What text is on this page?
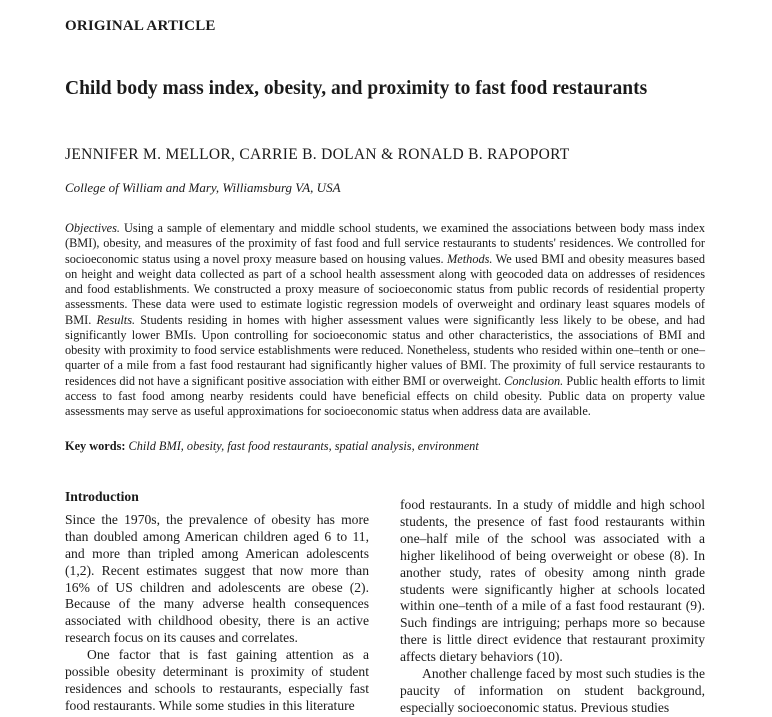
ORIGINAL ARTICLE
Child body mass index, obesity, and proximity to fast food restaurants
JENNIFER M. MELLOR, CARRIE B. DOLAN & RONALD B. RAPOPORT
College of William and Mary, Williamsburg VA, USA

Objectives. Using a sample of elementary and middle school students, we examined the associations between body mass index (BMI), obesity, and measures of the proximity of fast food and full service restaurants to students' residences. We controlled for socioeconomic status using a novel proxy measure based on housing values. Methods. We used BMI and obesity measures based on height and weight data collected as part of a school health assessment along with geocoded data on addresses of residences and food establishments. We constructed a proxy measure of socioeconomic status from public records of residential property assessments. These data were used to estimate logistic regression models of overweight and ordinary least squares models of BMI. Results. Students residing in homes with higher assessment values were significantly less likely to be obese, and had significantly lower BMIs. Upon controlling for socioeconomic status and other characteristics, the associations of BMI and obesity with proximity to food service establishments were reduced. Nonetheless, students who resided within one–tenth or one–quarter of a mile from a fast food restaurant had significantly higher values of BMI. The proximity of full service restaurants to residences did not have a significant positive association with either BMI or overweight. Conclusion. Public health efforts to limit access to fast food among nearby residents could have beneficial effects on child obesity. Public data on property value assessments may serve as useful approximations for socioeconomic status when address data are available.

Key words: Child BMI, obesity, fast food restaurants, spatial analysis, environment
Introduction

Since the 1970s, the prevalence of obesity has more than doubled among American children aged 6 to 11, and more than tripled among American adolescents (1,2). Recent estimates suggest that now more than 16% of US children and adolescents are obese (2). Because of the many adverse health consequences associated with childhood obesity, there is an active research focus on its causes and correlates.

One factor that is fast gaining attention as a possible obesity determinant is proximity of student residences and schools to restaurants, especially fast food restaurants. While some studies in this literature

food restaurants. In a study of middle and high school students, the presence of fast food restaurants within one–half mile of the school was associated with a higher likelihood of being overweight or obese (8). In another study, rates of obesity among ninth grade students were significantly higher at schools located within one–tenth of a mile of a fast food restaurant (9). Such findings are intriguing; perhaps more so because there is little direct evidence that restaurant proximity affects dietary behaviors (10).

Another challenge faced by most such studies is the paucity of information on student background, especially socioeconomic status. Previous studies
